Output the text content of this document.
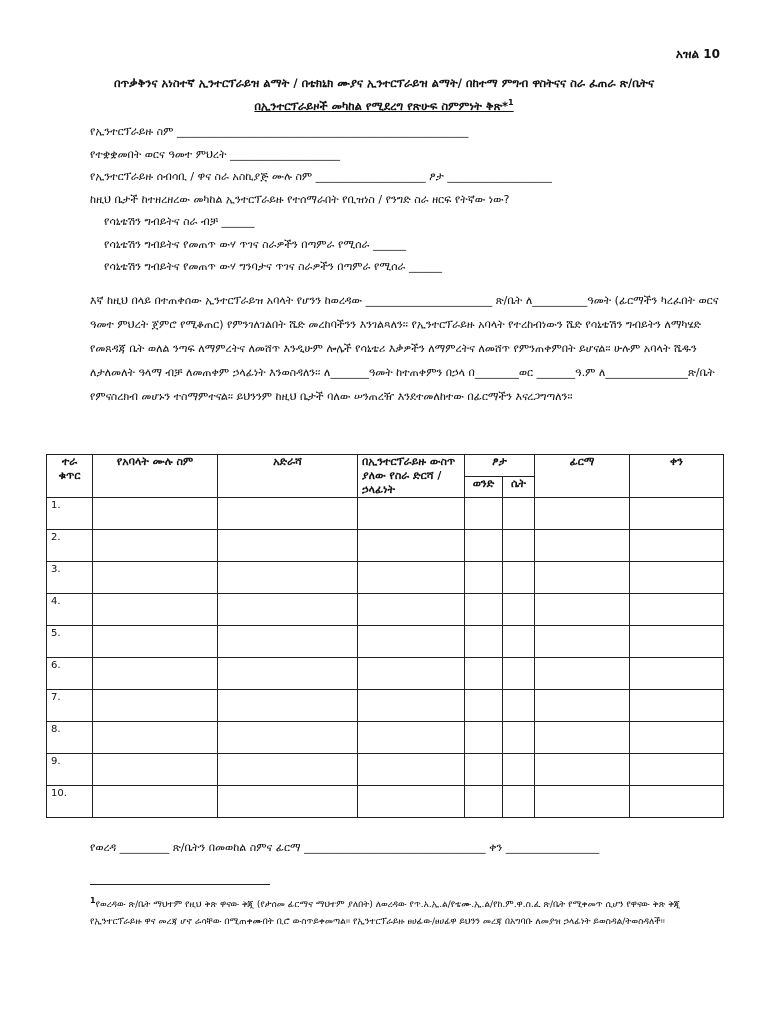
አዝል 10
በጥቃቅንና አነስተኛ ኢንተርፕራይዝ ልማት / በቴክኒክ ሙያና ኢንተርፕራይዝ ልማት/ በከተማ ምግብ ዋስትናና ስራ ፈጠራ ጽ/ቤትና
በኢንተርፕራይዞች መካከል የሚደረግ የጽሁፍ ስምምነት ቅጽ*$^1$
የኢንተርፕራይዙ ስም _____________________________________________________
የተቋቋመበት ወርና ዓመተ ምህረት ____________________
የኢንተርፕራይዙ ሰብሳቢ / ዋና ስራ አስኪያጅ ሙሉ ስም ____________________ ፆታ ___________________
ከዚህ ቤታች ከተዘረዘረው መካከል ኢንተርፕራይዙ የተሰማራበት የቢዝነስ / የንግድ ስራ ዘርፍ የትኛው ነው?
የሳኒቴሽን ግብይትና ስራ ብቻ ______
የሳኒቴሽን ግብይትና የመጠጥ ውሃ ጥገና ስራዎችን በጣምራ የሚሰራ ______
የሳኒቴሽን ግብይትና የመጠጥ ውሃ ግንባታና ጥገና ስራዎችን በጣምራ የሚሰራ ______
እኛ ከዚህ በላይ በተጠቀሰው ኢንተርፕራይዝ አባላት የሆንን ከወረዳው _______________________ ጽ/ቤት ለ__________ዓመት (ፊርማችን ካረፈበት ወርና ዓመተ ምህረት ጀምሮ የሚቆጠር) የምንገለገልበት ሼድ መረከባችንን እንገልጻለን፡፡ የኢንተርፕራይዙ አባላት የተረከብነውን ሼድ የሳኒቴሽን ግብይትን ለማካሄድ የመጸዳጃ ቤት ወለል ንጣፍ ለማምረትና ለመሸጥ እንዲሁም ሎሌች የሳኒቴሪ እቃዎችን ለማምረትና ለመሸጥ የምንጠቀምበት ይሆናል፡፡ ሁሉም አባላት ሼዱን ለታለመለት ዓላማ ብቻ ለመጠቀም ኃላፊነት እንወስዳለን፡፡ ለ_______ዓመት ከተጠቀምን በኃላ በ________ወር _______ዓ.ም ለ_______________ጽ/ቤት የምናስረክብ መሆኑን ተስማምተናል፡፡ ይህንንም ከዚህ ቤታች ባለው ሠንጠረዥ እንደተመለከተው በፊርማችን እናረጋግጣለን፡፡
ተራ ቁጥር	የአባላት ሙሉ ስም	አድራሻ	በኢንተርፕራይዙ ውስጥ ያለው የስራ ድርሻ / ኃላፊነት	ፆታ		ፊርማ	ቀን
				ወንድ	ሴት		
1.							
2.							
3.							
4.							
5.							
6.							
7.							
8.							
9.							
10.							
የወረዳ _________ ጽ/ቤትን በመወከል ስምና ፊርማ _________________________________ ቀን _________________
$^1$የወረዳው ጽ/ቤት ማህተም የዚህ ቅጽ ዋናው ቅጂ (የታሰመ ፊርማና ማህተም ያለበት) ለወረዳው የጥ.አ.ኢ.ል/የቴሙ.ኢ.ል/የከ.ም.ዋ.ስ.ፈ ጽ/ቤት የሚቀመጥ ሲሆን የዋናው ቅጽ ቅጂ የኢንተርፕራይዙ ዋና መረጃ ሆኖ ራሳቸው በሚጠቀሙበት ቢሮ ውስጥይቀመጣል፡፡ የኢንተርፕራይዙ ፀሀፊው/ፀሀፊዋ ይህንን መረጃ በአግባቡ ለመያዝ ኃላፊነት ይወስዳል/ትወስዳለች፡፡
